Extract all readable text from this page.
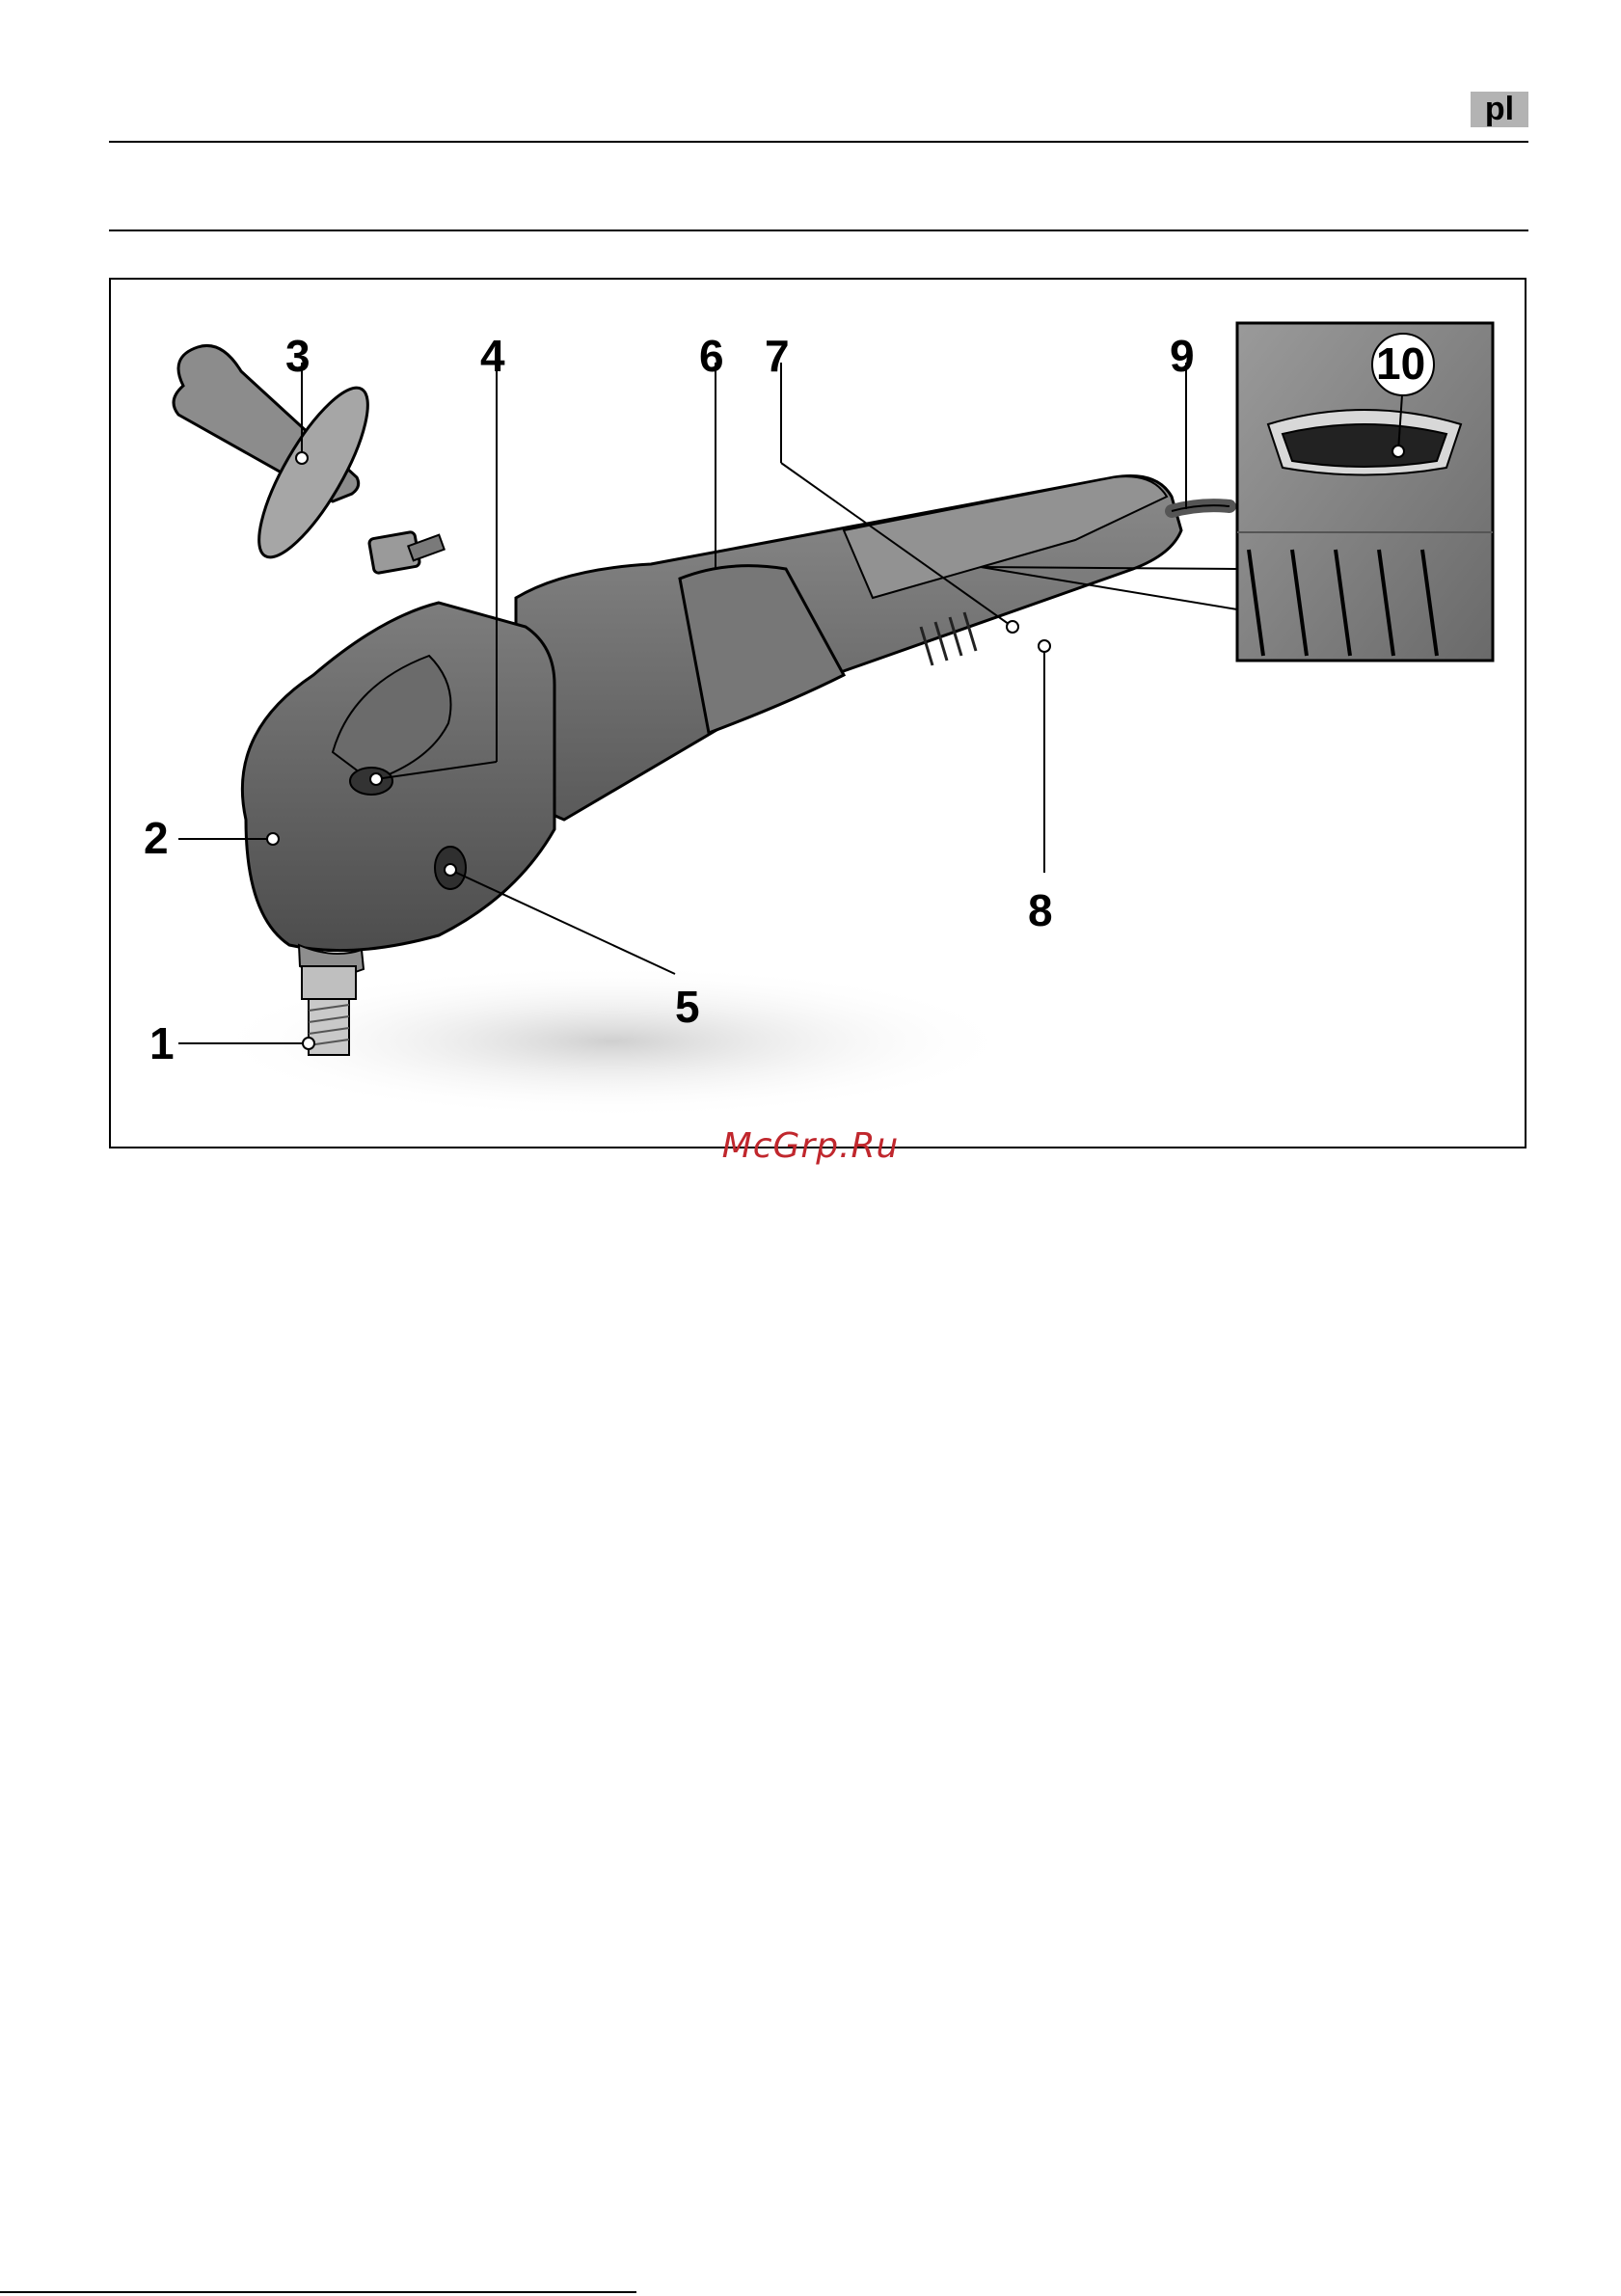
pl
1
2
3	4
5
6 7
8
9	10
McGrp.Ru
